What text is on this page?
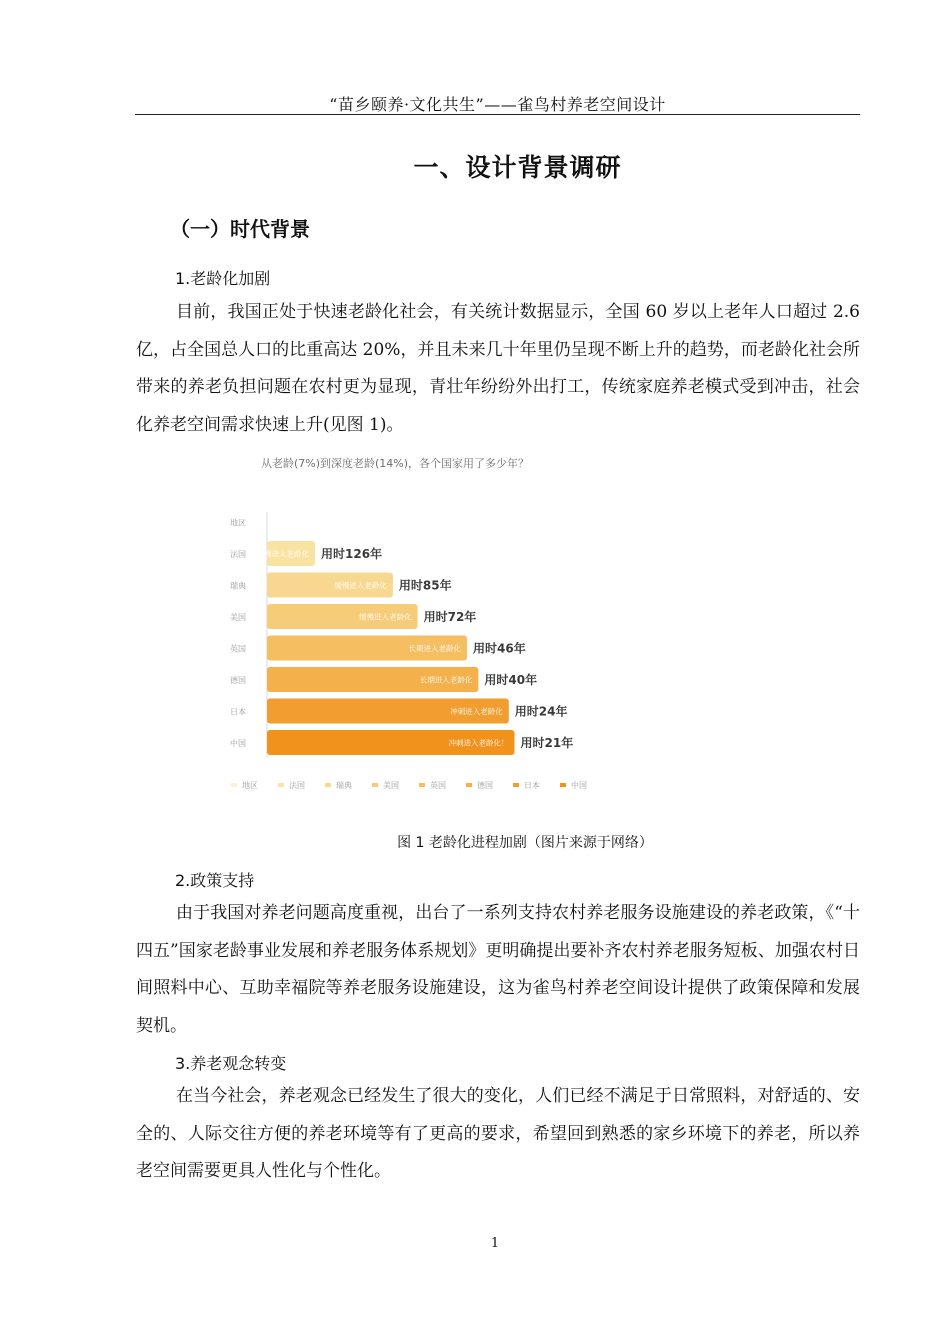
“苗乡颐养·文化共生”——雀鸟村养老空间设计
一、设计背景调研
（一）时代背景
1.老龄化加剧

目前，我国正处于快速老龄化社会，有关统计数据显示，全国 60 岁以上老年人口超过 2.6 亿，占全国总人口的比重高达 20%，并且未来几十年里仍呈现不断上升的趋势，而老龄化社会所带来的养老负担问题在农村更为显现，青壮年纷纷外出打工，传统家庭养老模式受到冲击，社会化养老空间需求快速上升(见图 1)。

从老龄(7%)到深度老龄(14%)，各个国家用了多少年？
地区
法国 缓慢进入老龄化 用时126年
瑞典	缓慢进入老龄化 用时85年
美国	缓慢进入老龄化 用时72年
英国	长期进入老龄化 用时46年
德国	长期进入老龄化 用时40年
日本	冲刺进入老龄化 用时24年
中国	冲刺进入老龄化！ 用时21年
地区	法国	瑞典	美国	英国	德国	日本	中国
图 1 老龄化进程加剧（图片来源于网络）
2.政策支持

由于我国对养老问题高度重视，出台了一系列支持农村养老服务设施建设的养老政策，《“十四五”国家老龄事业发展和养老服务体系规划》更明确提出要补齐农村养老服务短板、加强农村日间照料中心、互助幸福院等养老服务设施建设，这为雀鸟村养老空间设计提供了政策保障和发展契机。

3.养老观念转变

在当今社会，养老观念已经发生了很大的变化，人们已经不满足于日常照料，对舒适的、安全的、人际交往方便的养老环境等有了更高的要求，希望回到熟悉的家乡环境下的养老，所以养老空间需要更具人性化与个性化。

1
